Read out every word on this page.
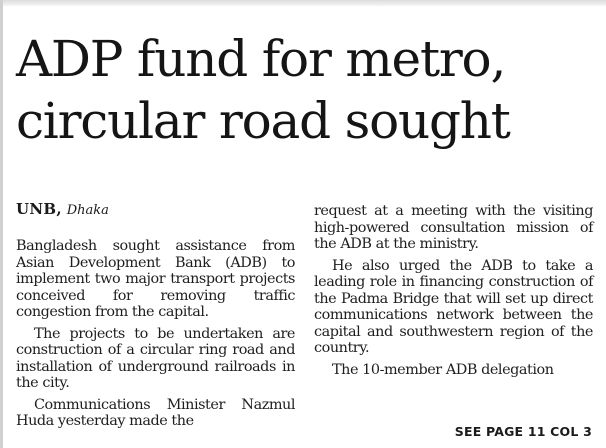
ADP fund for metro,
circular road sought
UNB, Dhaka

Bangladesh sought assistance from Asian Development Bank (ADB) to implement two major transport projects conceived for removing traffic congestion from the capital.

The projects to be undertaken are construction of a circular ring road and installation of underground railroads in the city.

Communications Minister Nazmul Huda yesterday made the

request at a meeting with the visiting high-powered consultation mission of the ADB at the ministry.

He also urged the ADB to take a leading role in financing construction of the Padma Bridge that will set up direct communications network between the capital and southwestern region of the country.

The 10-member ADB delegation

SEE PAGE 11 COL 3
